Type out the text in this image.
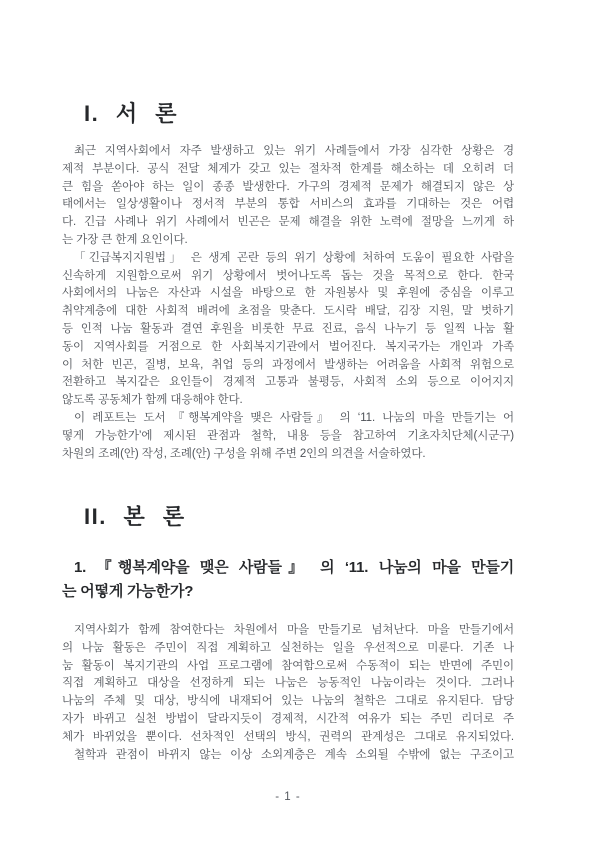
I. 서 론
최근 지역사회에서 자주 발생하고 있는 위기 사례들에서 가장 심각한 상황은 경
제적 부분이다. 공식 전달 체계가 갖고 있는 절차적 한계를 해소하는 데 오히려 더
큰 힘을 쏟아야 하는 일이 종종 발생한다. 가구의 경제적 문제가 해결되지 않은 상
태에서는 일상생활이나 정서적 부분의 통합 서비스의 효과를 기대하는 것은 어렵
다. 긴급 사례나 위기 사례에서 빈곤은 문제 해결을 위한 노력에 절망을 느끼게 하
는 가장 큰 한계 요인이다.
「긴급복지지원법」 은 생계 곤란 등의 위기 상황에 처하여 도움이 필요한 사람을
신속하게 지원함으로써 위기 상황에서 벗어나도록 돕는 것을 목적으로 한다. 한국
사회에서의 나눔은 자산과 시설을 바탕으로 한 자원봉사 및 후원에 중심을 이루고
취약계층에 대한 사회적 배려에 초점을 맞춘다. 도시락 배달, 김장 지원, 말 벗하기
등 인적 나눔 활동과 결연 후원을 비롯한 무료 진료, 음식 나누기 등 일찍 나눔 활
동이 지역사회를 거점으로 한 사회복지기관에서 벌어진다. 복지국가는 개인과 가족
이 처한 빈곤, 질병, 보육, 취업 등의 과정에서 발생하는 어려움을 사회적 위험으로
전환하고 복지같은 요인들이 경제적 고통과 불평등, 사회적 소외 등으로 이어지지
않도록 공동체가 함께 대응해야 한다.
이 레포트는 도서 『행복계약을 맺은 사람들』 의 ‘11. 나눔의 마을 만들기는 어
떻게 가능한가’에 제시된 관점과 철학, 내용 등을 참고하여 기초자치단체(시군구)
차원의 조례(안) 작성, 조례(안) 구성을 위해 주변 2인의 의견을 서술하였다.
II. 본 론
1. 『행복계약을 맺은 사람들』 의 ‘11. 나눔의 마을 만들기
는 어떻게 가능한가?
지역사회가 함께 참여한다는 차원에서 마을 만들기로 넘쳐난다. 마을 만들기에서
의 나눔 활동은 주민이 직접 계획하고 실천하는 일을 우선적으로 미룬다. 기존 나
눔 활동이 복지기관의 사업 프로그램에 참여함으로써 수동적이 되는 반면에 주민이
직접 계획하고 대상을 선정하게 되는 나눔은 능동적인 나눔이라는 것이다. 그러나
나눔의 주체 및 대상, 방식에 내재되어 있는 나눔의 철학은 그대로 유지된다. 담당
자가 바뀌고 실천 방법이 달라지듯이 경제적, 시간적 여유가 되는 주민 리더로 주
체가 바뀌었을 뿐이다. 선차적인 선택의 방식, 권력의 관계성은 그대로 유지되었다.
철학과 관점이 바뀌지 않는 이상 소외계층은 계속 소외될 수밖에 없는 구조이고
- 1 -
